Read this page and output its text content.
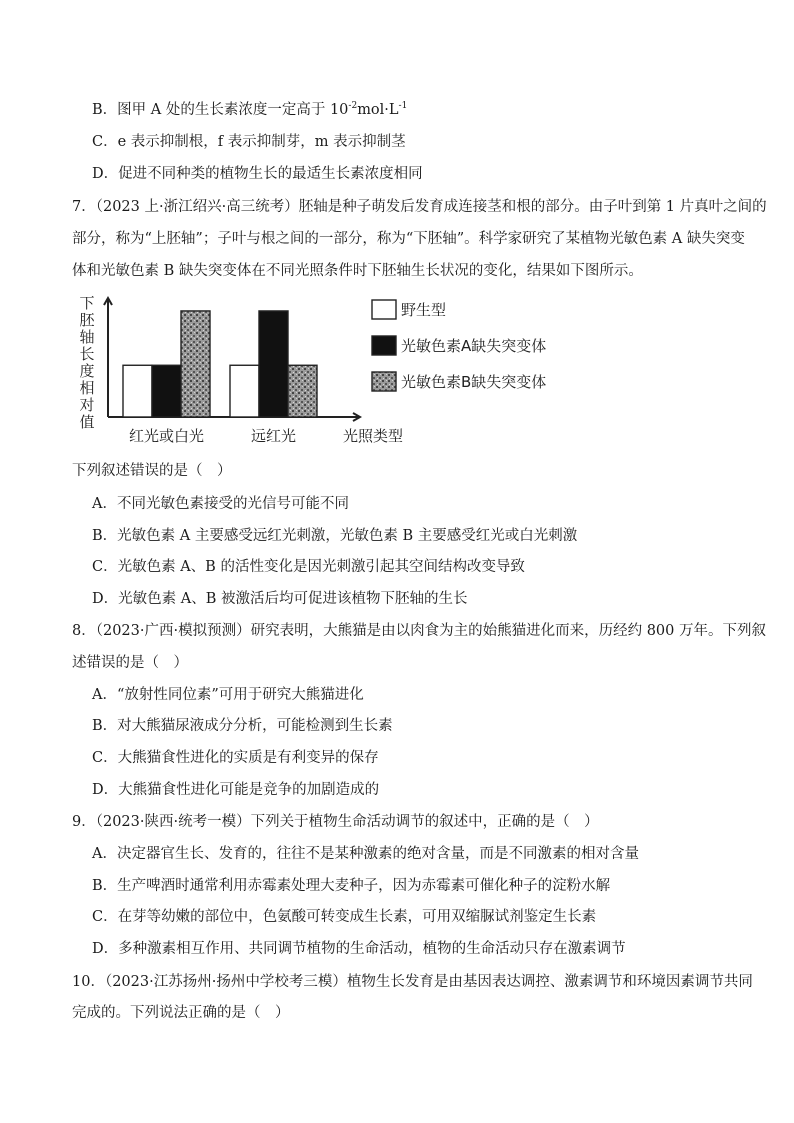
B．图甲 A 处的生长素浓度一定高于 $10^{-2}mol\cdot L^{-1}$
C．e 表示抑制根，f 表示抑制芽，m 表示抑制茎
D．促进不同种类的植物生长的最适生长素浓度相同
7．（2023 上·浙江绍兴·高三统考）胚轴是种子萌发后发育成连接茎和根的部分。由子叶到第 1 片真叶之间的
部分，称为“上胚轴”；子叶与根之间的一部分，称为“下胚轴”。科学家研究了某植物光敏色素 A 缺失突变
体和光敏色素 B 缺失突变体在不同光照条件时下胚轴生长状况的变化，结果如下图所示。
野生型
光敏色素A缺失突变体
光敏色素B缺失突变体
下胚轴长度相对值
红光或白光	远红光	光照类型
下列叙述错误的是（　）
A．不同光敏色素接受的光信号可能不同
B．光敏色素 A 主要感受远红光刺激，光敏色素 B 主要感受红光或白光刺激
C．光敏色素 A、B 的活性变化是因光刺激引起其空间结构改变导致
D．光敏色素 A、B 被激活后均可促进该植物下胚轴的生长
8．（2023·广西·模拟预测）研究表明，大熊猫是由以肉食为主的始熊猫进化而来，历经约 800 万年。下列叙
述错误的是（　）
A．“放射性同位素”可用于研究大熊猫进化
B．对大熊猫尿液成分分析，可能检测到生长素
C．大熊猫食性进化的实质是有利变异的保存
D．大熊猫食性进化可能是竞争的加剧造成的
9．（2023·陕西·统考一模）下列关于植物生命活动调节的叙述中，正确的是（　）
A．决定器官生长、发育的，往往不是某种激素的绝对含量，而是不同激素的相对含量
B．生产啤酒时通常利用赤霉素处理大麦种子，因为赤霉素可催化种子的淀粉水解
C．在芽等幼嫩的部位中，色氨酸可转变成生长素，可用双缩脲试剂鉴定生长素
D．多种激素相互作用、共同调节植物的生命活动，植物的生命活动只存在激素调节
10．（2023·江苏扬州·扬州中学校考三模）植物生长发育是由基因表达调控、激素调节和环境因素调节共同
完成的。下列说法正确的是（　）
